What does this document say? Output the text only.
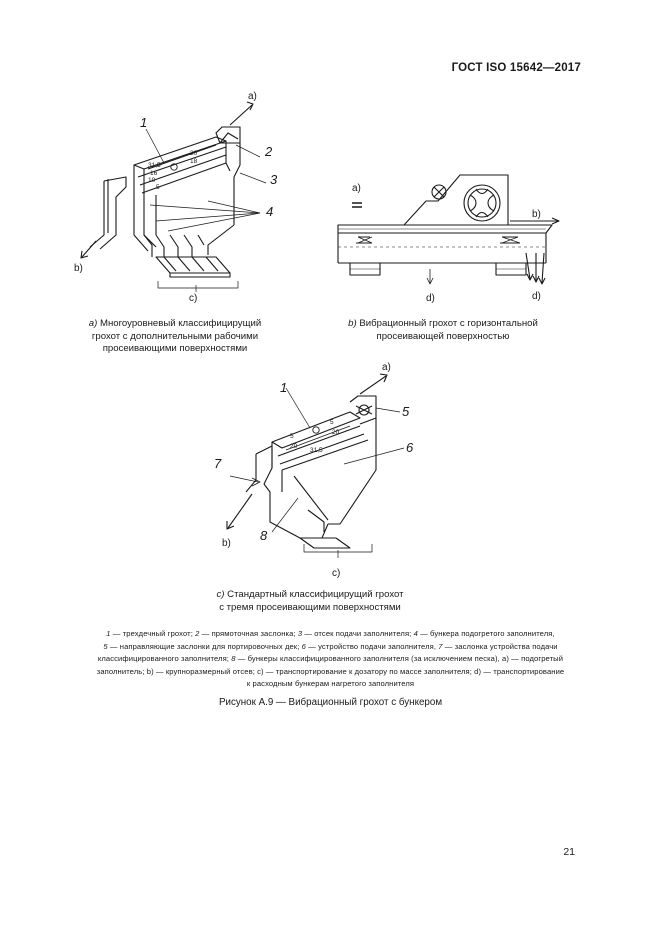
ГОСТ ISO 15642—2017
a)
1
2
3
4
b)
c)
31,5
20
18
16
10
5
a) Многоуровневый классифицирущий
грохот с дополнительными рабочими
просеивающими поверхностями
a)
b)
d)	d)
b) Вибрационный грохот с горизонтальной
просеивающей поверхностью
a)
1
5
6
7
8
b)
c)
5
20
31,5
5
20
c) Стандартный классифицирущий грохот
с тремя просеивающими поверхностями
1 — трехдечный грохот; 2 — прямоточная заслонка; 3 — отсек подачи заполнителя; 4 — бункера подогретого заполнителя,
5 — направляющие заслонки для портировочных дек; 6 — устройство подачи заполнителя, 7 — заслонка устройства подачи
классифицированного заполнителя; 8 — бункеры классифицированного заполнителя (за исключением песка), a) — подогретый
заполнитель; b) — крупноразмерный отсев; c) — транспортирование к дозатору по массе заполнителя; d) — транспортирование
к расходным бункерам нагретого заполнителя
Рисунок А.9 — Вибрационный грохот с бункером
21
